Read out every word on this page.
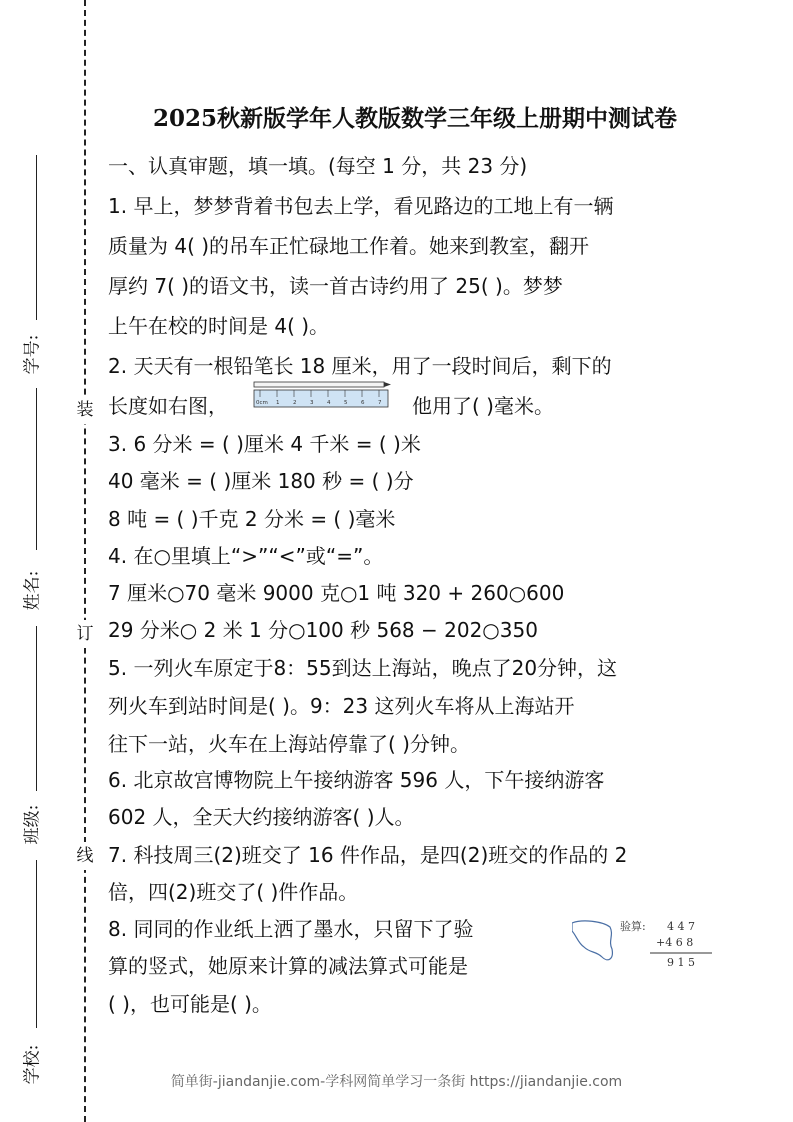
装
订
线
学号:
姓名:
班级:
学校:
2025秋新版学年人教版数学三年级上册期中测试卷
一、认真审题，填一填。(每空 1 分，共 23 分)
1. 早上，梦梦背着书包去上学，看见路边的工地上有一辆
质量为 4( )的吊车正忙碌地工作着。她来到教室，翻开
厚约 7( )的语文书，读一首古诗约用了 25( )。梦梦
上午在校的时间是 4( )。
2. 天天有一根铅笔长 18 厘米，用了一段时间后，剩下的
长度如右图，	0cm 1 2 3 4 5 6 7 他用了( )毫米。
3. 6 分米 = ( )厘米 4 千米 = ( )米
40 毫米 = ( )厘米 180 秒 = ( )分
8 吨 = ( )千克 2 分米 = ( )毫米
4. 在○里填上“>”“<”或“=”。
7 厘米○70 毫米 9000 克○1 吨 320 + 260○600
29 分米○ 2 米 1 分○100 秒 568 − 202○350
5. 一列火车原定于8：55到达上海站，晚点了20分钟，这
列火车到站时间是( )。9：23 这列火车将从上海站开
往下一站，火车在上海站停靠了( )分钟。
6. 北京故宫博物院上午接纳游客 596 人，下午接纳游客
602 人，全天大约接纳游客( )人。
7. 科技周三(2)班交了 16 件作品，是四(2)班交的作品的 2
倍，四(2)班交了( )件作品。
8. 同同的作业纸上洒了墨水，只留下了验
算的竖式，她原来计算的减法算式可能是
( )，也可能是( )。
验算: 4 4 7
+4 6 8
9 1 5
简单街-jiandanjie.com-学科网简单学习一条街 https://jiandanjie.com
